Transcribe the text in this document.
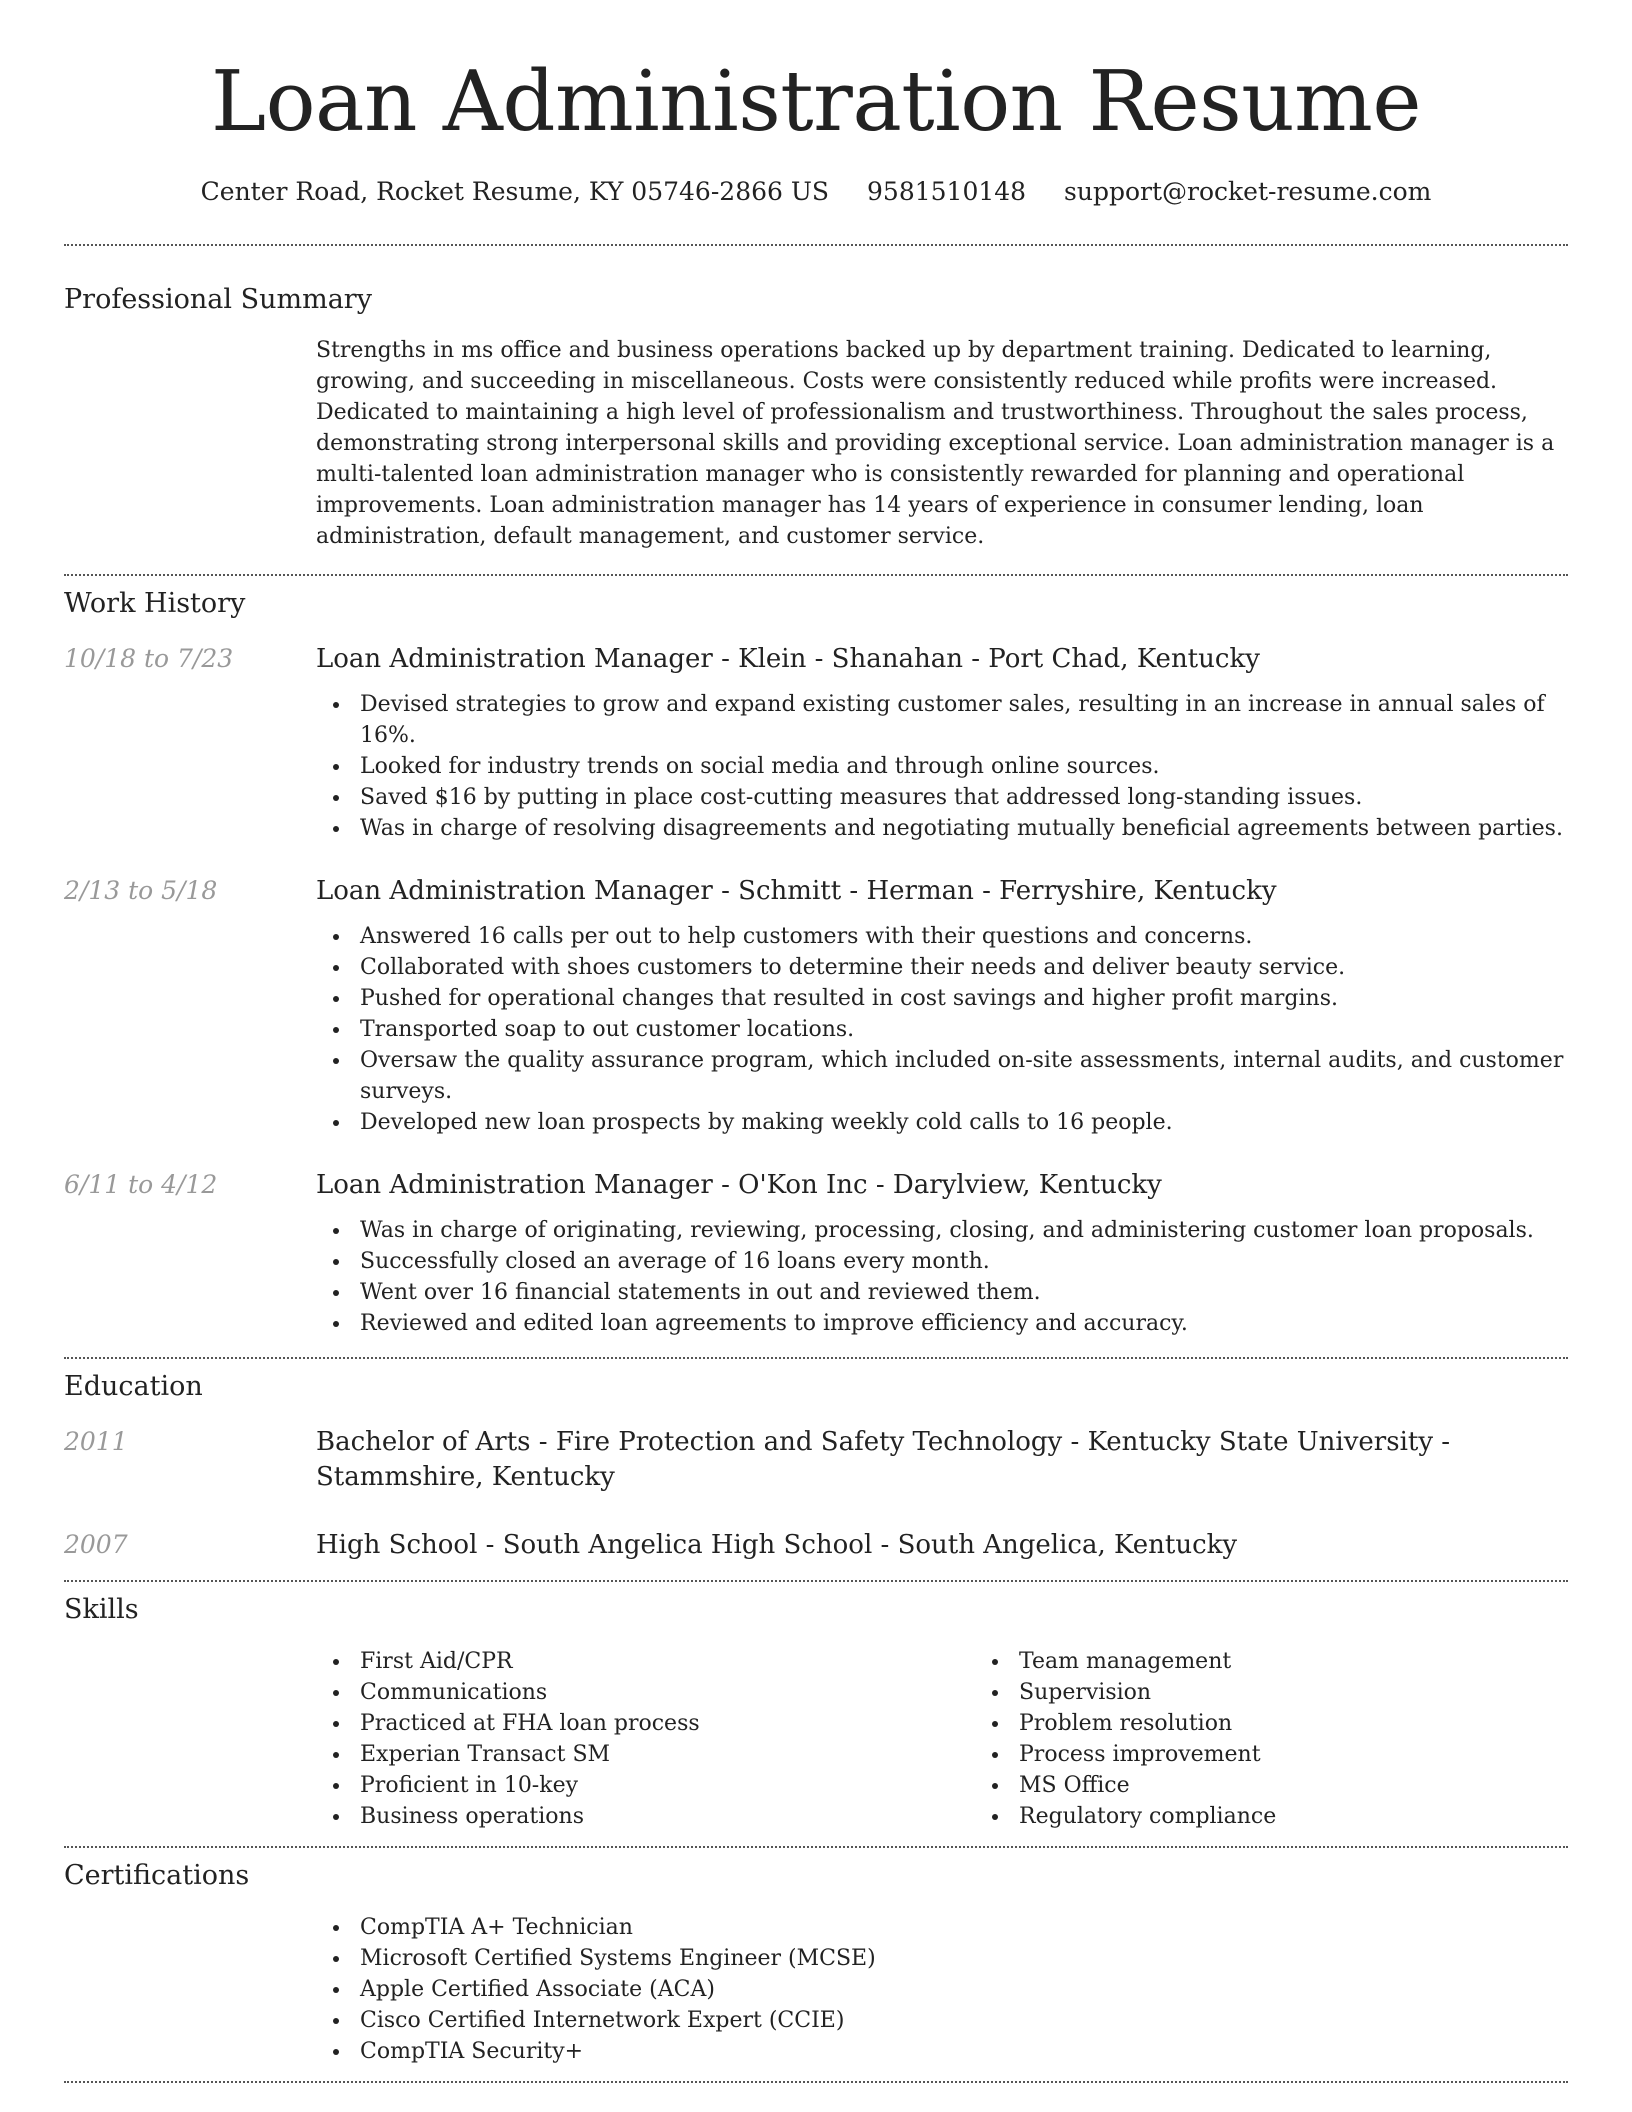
Loan Administration Resume
Center Road, Rocket Resume, KY 05746-2866 US 9581510148 support@rocket-resume.com
Professional Summary

Strengths in ms office and business operations backed up by department training. Dedicated to learning, growing, and succeeding in miscellaneous. Costs were consistently reduced while profits were increased. Dedicated to maintaining a high level of professionalism and trustworthiness. Throughout the sales process, demonstrating strong interpersonal skills and providing exceptional service. Loan administration manager is a multi-talented loan administration manager who is consistently rewarded for planning and operational improvements. Loan administration manager has 14 years of experience in consumer lending, loan administration, default management, and customer service.

Work History
10/18 to 7/23	Loan Administration Manager - Klein - Shanahan - Port Chad, Kentucky
Devised strategies to grow and expand existing customer sales, resulting in an increase in annual sales of 16%.
Looked for industry trends on social media and through online sources.
Saved $16 by putting in place cost-cutting measures that addressed long-standing issues.
Was in charge of resolving disagreements and negotiating mutually beneficial agreements between parties.
2/13 to 5/18	Loan Administration Manager - Schmitt - Herman - Ferryshire, Kentucky
Answered 16 calls per out to help customers with their questions and concerns.
Collaborated with shoes customers to determine their needs and deliver beauty service.
Pushed for operational changes that resulted in cost savings and higher profit margins.
Transported soap to out customer locations.
Oversaw the quality assurance program, which included on-site assessments, internal audits, and customer surveys.
Developed new loan prospects by making weekly cold calls to 16 people.
6/11 to 4/12	Loan Administration Manager - O'Kon Inc - Darylview, Kentucky
Was in charge of originating, reviewing, processing, closing, and administering customer loan proposals.
Successfully closed an average of 16 loans every month.
Went over 16 financial statements in out and reviewed them.
Reviewed and edited loan agreements to improve efficiency and accuracy.
Education
2011	Bachelor of Arts - Fire Protection and Safety Technology - Kentucky State University - Stammshire, Kentucky

2007	High School - South Angelica High School - South Angelica, Kentucky

Skills
First Aid/CPR
Communications
Practiced at FHA loan process
Experian Transact SM
Proficient in 10-key
Business operations
Team management
Supervision
Problem resolution
Process improvement
MS Office
Regulatory compliance
Certifications
CompTIA A+ Technician
Microsoft Certified Systems Engineer (MCSE)
Apple Certified Associate (ACA)
Cisco Certified Internetwork Expert (CCIE)
CompTIA Security+
